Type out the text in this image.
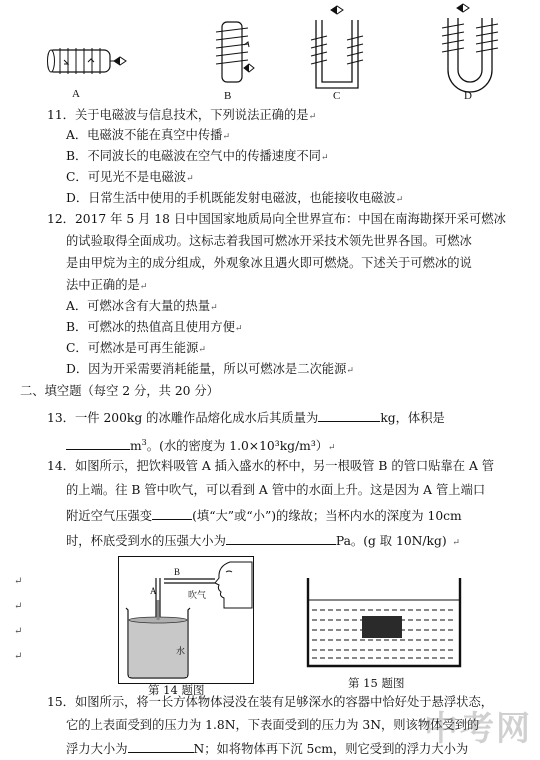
A	B	C	D
11．关于电磁波与信息技术，下列说法正确的是↵
A．电磁波不能在真空中传播↵
B．不同波长的电磁波在空气中的传播速度不同↵
C．可见光不是电磁波↵
D．日常生活中使用的手机既能发射电磁波，也能接收电磁波↵
12．2017 年 5 月 18 日中国国家地质局向全世界宣布：中国在南海勘探开采可燃冰
的试验取得全面成功。这标志着我国可燃冰开采技术领先世界各国。可燃冰
是由甲烷为主的成分组成，外观象冰且遇火即可燃烧。下述关于可燃冰的说
法中正确的是↵
A．可燃冰含有大量的热量↵
B．可燃冰的热值高且使用方便↵
C．可燃冰是可再生能源↵
D．因为开采需要消耗能量，所以可燃冰是二次能源↵
二、填空题（每空 2 分，共 20 分）
13．一件 200kg 的冰雕作品熔化成水后其质量为	kg，体积是
$m^3$。(水的密度为 1.0×10³kg/m³）↵
14．如图所示，把饮料吸管 A 插入盛水的杯中，另一根吸管 B 的管口贴靠在 A 管
的上端。往 B 管中吹气，可以看到 A 管中的水面上升。这是因为 A 管上端口
附近空气压强变	(填“大”或“小”)的缘故；当杯内水的深度为 10cm
时，杯底受到水的压强大小为	Pa。(g 取 10N/kg)  ↵
↵
↵
↵
↵
B
A	吹气
水
第 14 题图	第 15 题图
15．如图所示，将一长方体物体浸没在装有足够深水的容器中恰好处于悬浮状态，
它的上表面受到的压力为 1.8N，下表面受到的压力为 3N，则该物体受到的
浮力大小为	N；如将物体再下沉 5cm，则它受到的浮力大小为
中考网
